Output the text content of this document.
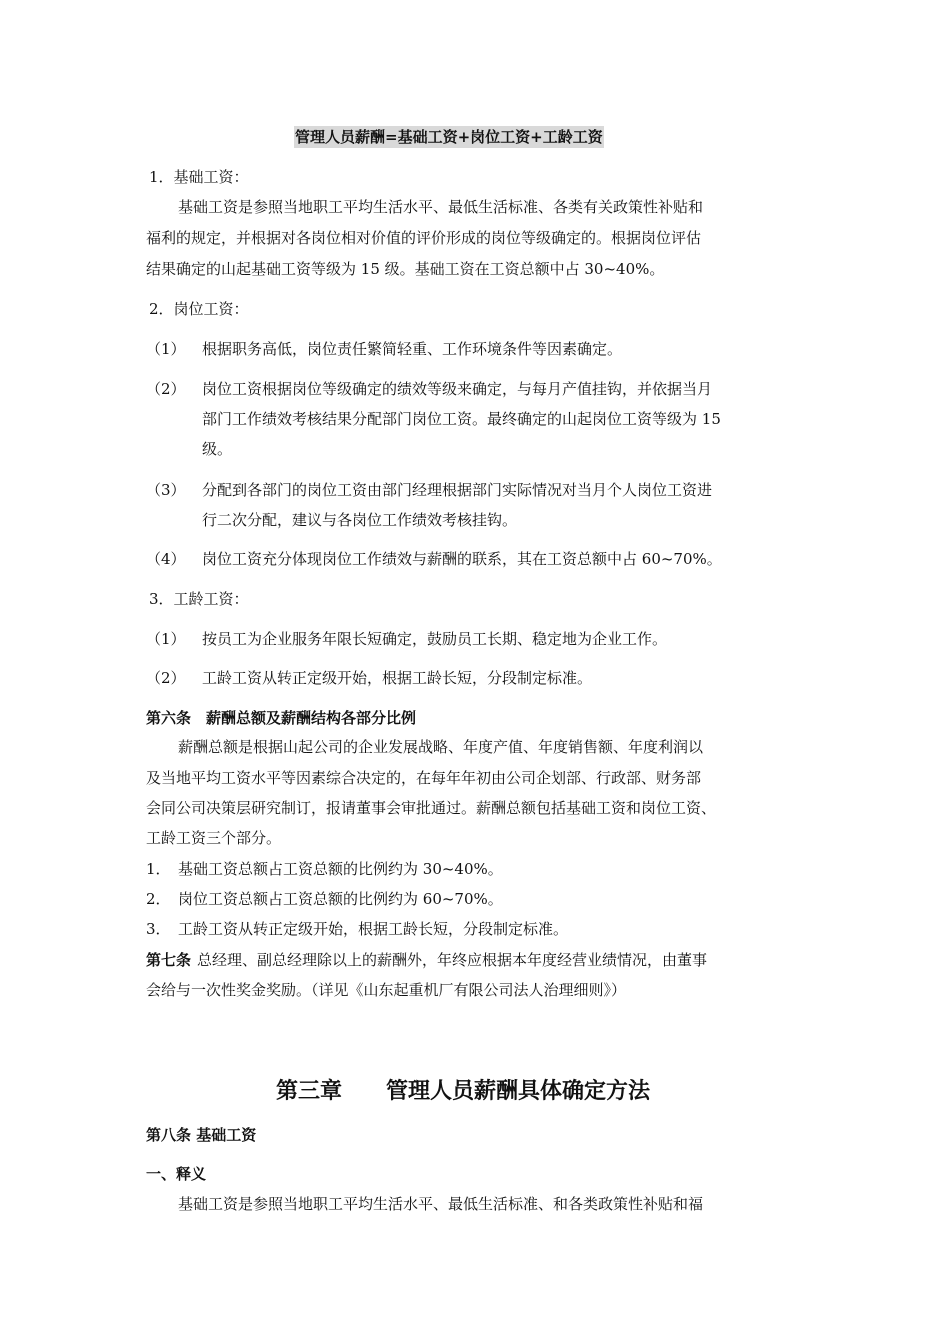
管理人员薪酬=基础工资+岗位工资+工龄工资
1．基础工资：
基础工资是参照当地职工平均生活水平、最低生活标准、各类有关政策性补贴和
福利的规定，并根据对各岗位相对价值的评价形成的岗位等级确定的。根据岗位评估
结果确定的山起基础工资等级为 15 级。基础工资在工资总额中占 30~40%。
2．岗位工资：
（1） 根据职务高低，岗位责任繁简轻重、工作环境条件等因素确定。
（2） 岗位工资根据岗位等级确定的绩效等级来确定，与每月产值挂钩，并依据当月
部门工作绩效考核结果分配部门岗位工资。最终确定的山起岗位工资等级为 15
级。
（3） 分配到各部门的岗位工资由部门经理根据部门实际情况对当月个人岗位工资进
行二次分配，建议与各岗位工作绩效考核挂钩。
（4） 岗位工资充分体现岗位工作绩效与薪酬的联系，其在工资总额中占 60~70%。
3．工龄工资：
（1） 按员工为企业服务年限长短确定，鼓励员工长期、稳定地为企业工作。
（2） 工龄工资从转正定级开始，根据工龄长短，分段制定标准。
第六条　薪酬总额及薪酬结构各部分比例
薪酬总额是根据山起公司的企业发展战略、年度产值、年度销售额、年度利润以
及当地平均工资水平等因素综合决定的，在每年年初由公司企划部、行政部、财务部
会同公司决策层研究制订，报请董事会审批通过。薪酬总额包括基础工资和岗位工资、
工龄工资三个部分。
1． 基础工资总额占工资总额的比例约为 30~40%。
2． 岗位工资总额占工资总额的比例约为 60~70%。
3． 工龄工资从转正定级开始，根据工龄长短，分段制定标准。
第七条 总经理、副总经理除以上的薪酬外，年终应根据本年度经营业绩情况，由董事
会给与一次性奖金奖励。（详见《山东起重机厂有限公司法人治理细则》）
第三章 管理人员薪酬具体确定方法
第八条 基础工资
一、释义
基础工资是参照当地职工平均生活水平、最低生活标准、和各类政策性补贴和福
